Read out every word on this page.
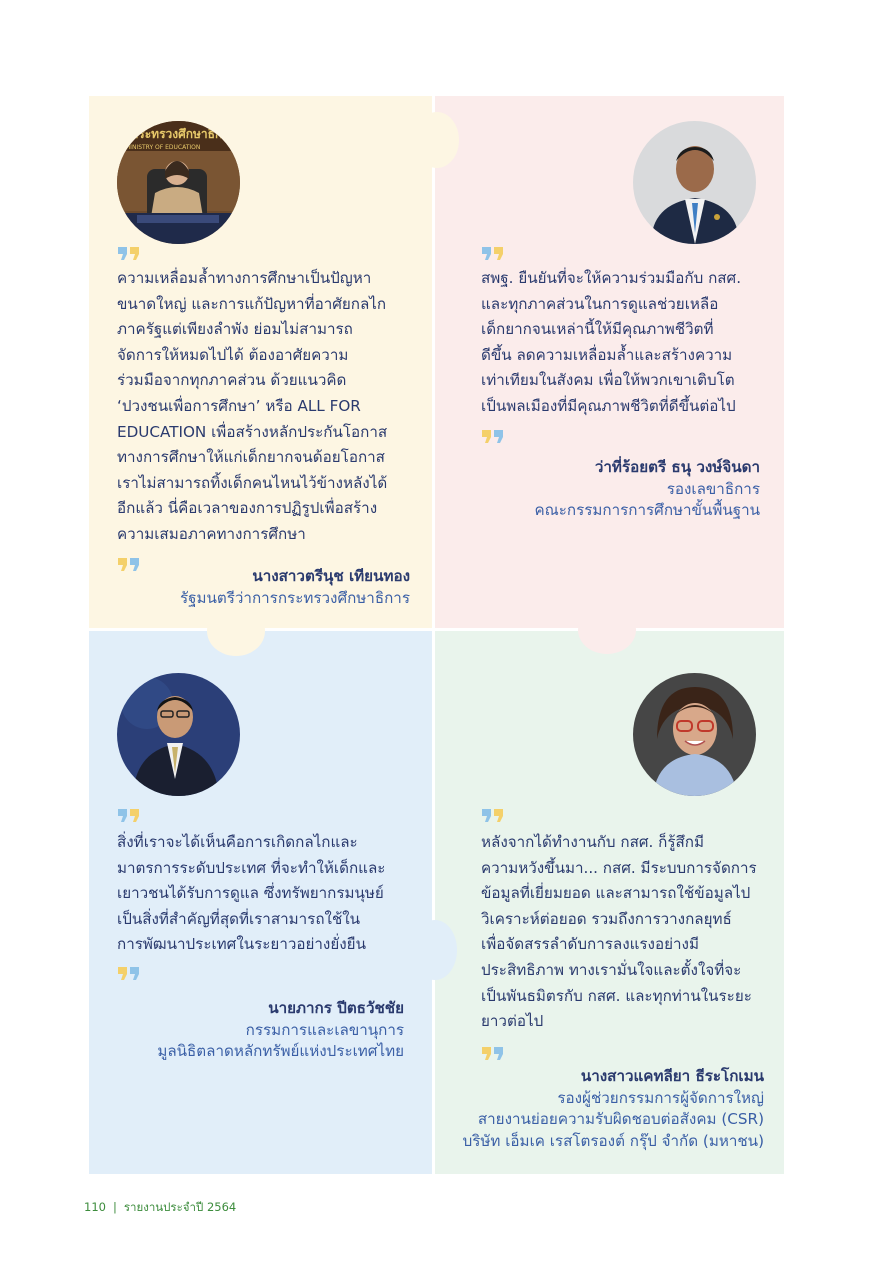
กระทรวงศึกษาธิการ
MINISTRY OF EDUCATION
ความเหลื่อมล้ำทางการศึกษาเป็นปัญหา
ขนาดใหญ่ และการแก้ปัญหาที่อาศัยกลไก
ภาครัฐแต่เพียงลำพัง ย่อมไม่สามารถ
จัดการให้หมดไปได้ ต้องอาศัยความ
ร่วมมือจากทุกภาคส่วน ด้วยแนวคิด
‘ปวงชนเพื่อการศึกษา’ หรือ ALL FOR
EDUCATION เพื่อสร้างหลักประกันโอกาส
ทางการศึกษาให้แก่เด็กยากจนด้อยโอกาส
เราไม่สามารถทิ้งเด็กคนไหนไว้ข้างหลังได้
อีกแล้ว นี่คือเวลาของการปฏิรูปเพื่อสร้าง
ความเสมอภาคทางการศึกษา
นางสาวตรีนุช เทียนทอง
รัฐมนตรีว่าการกระทรวงศึกษาธิการ
สพฐ. ยืนยันที่จะให้ความร่วมมือกับ กสศ.
และทุกภาคส่วนในการดูแลช่วยเหลือ
เด็กยากจนเหล่านี้ให้มีคุณภาพชีวิตที่
ดีขึ้น ลดความเหลื่อมล้ำและสร้างความ
เท่าเทียมในสังคม เพื่อให้พวกเขาเติบโต
เป็นพลเมืองที่มีคุณภาพชีวิตที่ดีขึ้นต่อไป
ว่าที่ร้อยตรี ธนุ วงษ์จินดา
รองเลขาธิการ
คณะกรรมการการศึกษาขั้นพื้นฐาน
สิ่งที่เราจะได้เห็นคือการเกิดกลไกและ
มาตรการระดับประเทศ ที่จะทำให้เด็กและ
เยาวชนได้รับการดูแล ซึ่งทรัพยากรมนุษย์
เป็นสิ่งที่สำคัญที่สุดที่เราสามารถใช้ใน
การพัฒนาประเทศในระยาวอย่างยั่งยืน
นายภากร ปีตธวัชชัย
กรรมการและเลขานุการ
มูลนิธิตลาดหลักทรัพย์แห่งประเทศไทย
หลังจากได้ทำงานกับ กสศ. ก็รู้สึกมี
ความหวังขึ้นมา... กสศ. มีระบบการจัดการ
ข้อมูลที่เยี่ยมยอด และสามารถใช้ข้อมูลไป
วิเคราะห์ต่อยอด รวมถึงการวางกลยุทธ์
เพื่อจัดสรรลำดับการลงแรงอย่างมี
ประสิทธิภาพ ทางเรามั่นใจและตั้งใจที่จะ
เป็นพันธมิตรกับ กสศ. และทุกท่านในระยะ
ยาวต่อไป
นางสาวแคทลียา ธีระโกเมน
รองผู้ช่วยกรรมการผู้จัดการใหญ่
สายงานย่อยความรับผิดชอบต่อสังคม (CSR)
บริษัท เอ็มเค เรสโตรองต์ กรุ๊ป จำกัด (มหาชน)
110 | รายงานประจำปี 2564
